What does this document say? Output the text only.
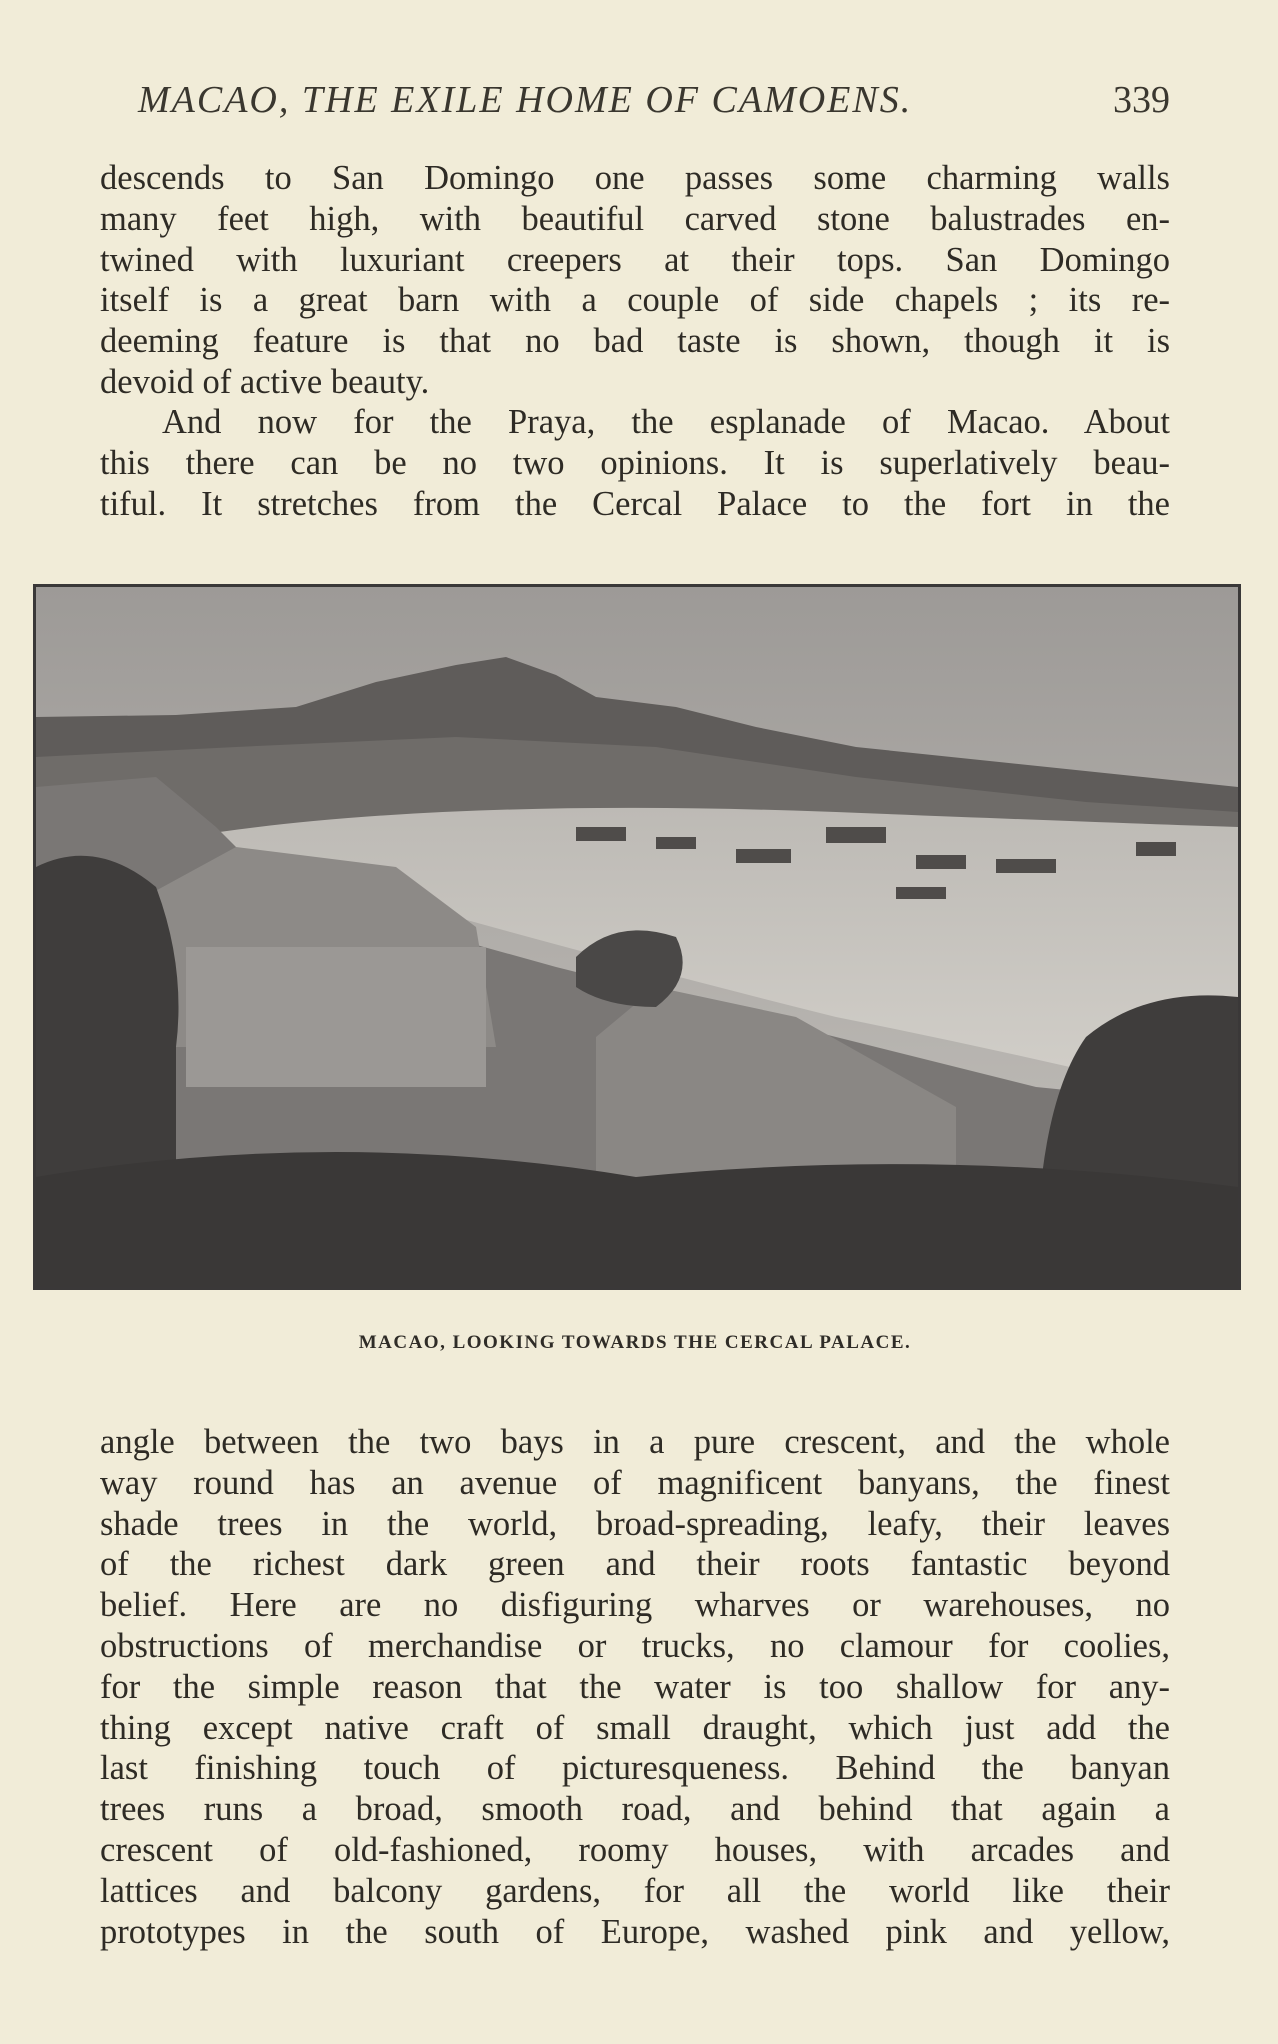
MACAO, THE EXILE HOME OF CAMOENS.	339
descends to San Domingo one passes some charming walls
many feet high, with beautiful carved stone balustrades en-
twined with luxuriant creepers at their tops. San Domingo
itself is a great barn with a couple of side chapels ; its re-
deeming feature is that no bad taste is shown, though it is
devoid of active beauty.
And now for the Praya, the esplanade of Macao. About
this there can be no two opinions. It is superlatively beau-
tiful. It stretches from the Cercal Palace to the fort in the
MACAO, LOOKING TOWARDS THE CERCAL PALACE.
angle between the two bays in a pure crescent, and the whole
way round has an avenue of magnificent banyans, the finest
shade trees in the world, broad-spreading, leafy, their leaves
of the richest dark green and their roots fantastic beyond
belief. Here are no disfiguring wharves or warehouses, no
obstructions of merchandise or trucks, no clamour for coolies,
for the simple reason that the water is too shallow for any-
thing except native craft of small draught, which just add the
last finishing touch of picturesqueness. Behind the banyan
trees runs a broad, smooth road, and behind that again a
crescent of old-fashioned, roomy houses, with arcades and
lattices and balcony gardens, for all the world like their
prototypes in the south of Europe, washed pink and yellow,
